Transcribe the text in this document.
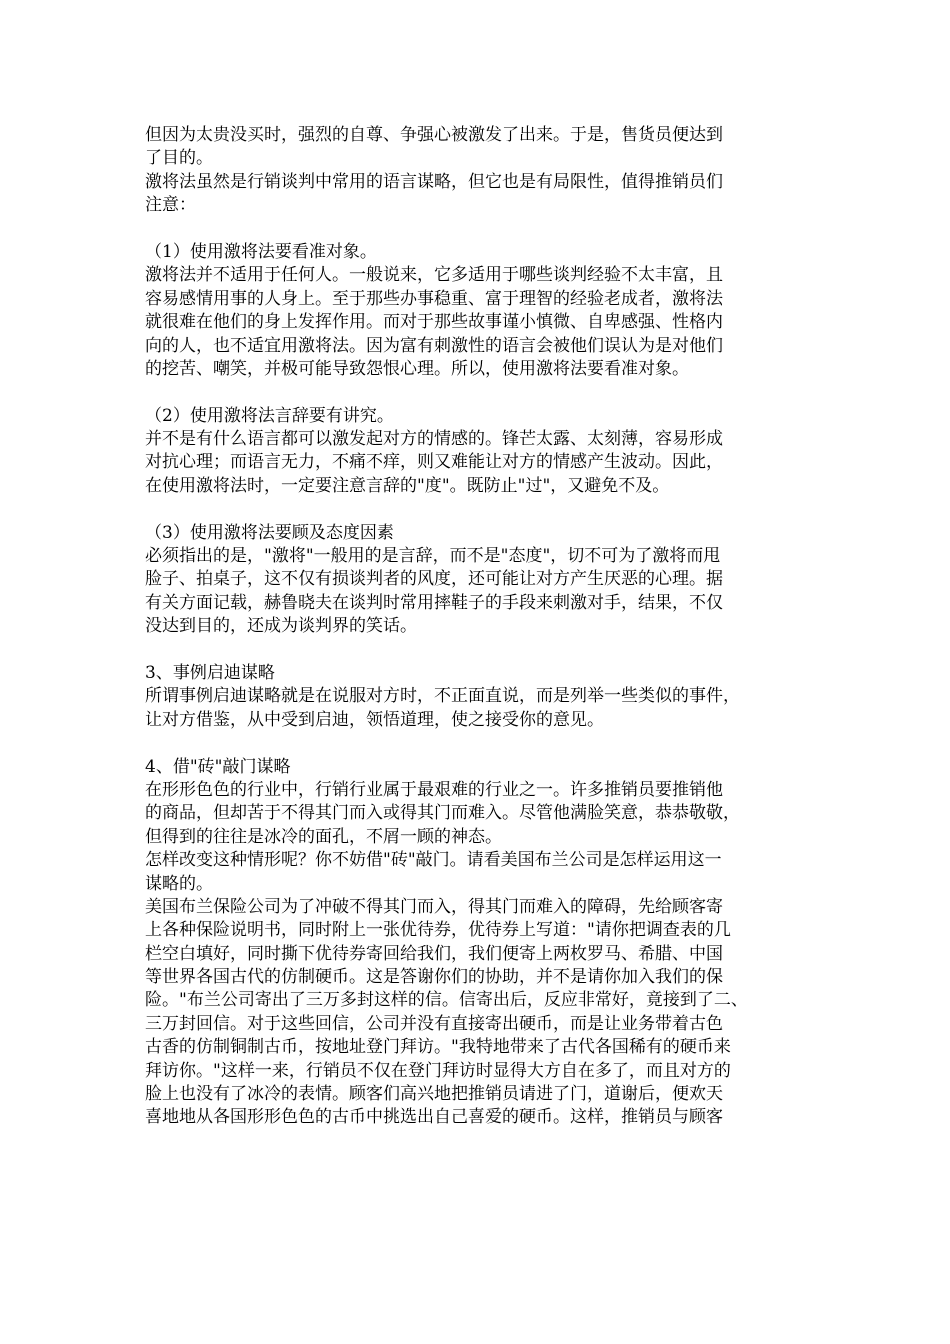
但因为太贵没买时，强烈的自尊、争强心被激发了出来。于是，售货员便达到
了目的。
激将法虽然是行销谈判中常用的语言谋略，但它也是有局限性，值得推销员们
注意：
（1）使用激将法要看准对象。
激将法并不适用于任何人。一般说来，它多适用于哪些谈判经验不太丰富，且
容易感情用事的人身上。至于那些办事稳重、富于理智的经验老成者，激将法
就很难在他们的身上发挥作用。而对于那些故事谨小慎微、自卑感强、性格内
向的人，也不适宜用激将法。因为富有刺激性的语言会被他们误认为是对他们
的挖苦、嘲笑，并极可能导致怨恨心理。所以，使用激将法要看准对象。
（2）使用激将法言辞要有讲究。
并不是有什么语言都可以激发起对方的情感的。锋芒太露、太刻薄，容易形成
对抗心理；而语言无力，不痛不痒，则又难能让对方的情感产生波动。因此，
在使用激将法时，一定要注意言辞的"度"。既防止"过"，又避免不及。
（3）使用激将法要顾及态度因素
必须指出的是，"激将"一般用的是言辞，而不是"态度"，切不可为了激将而甩
脸子、拍桌子，这不仅有损谈判者的风度，还可能让对方产生厌恶的心理。据
有关方面记载，赫鲁晓夫在谈判时常用摔鞋子的手段来刺激对手，结果，不仅
没达到目的，还成为谈判界的笑话。
3、事例启迪谋略
所谓事例启迪谋略就是在说服对方时，不正面直说，而是列举一些类似的事件，
让对方借鉴，从中受到启迪，领悟道理，使之接受你的意见。
4、借"砖"敲门谋略
在形形色色的行业中，行销行业属于最艰难的行业之一。许多推销员要推销他
的商品，但却苦于不得其门而入或得其门而难入。尽管他满脸笑意，恭恭敬敬，
但得到的往往是冰冷的面孔，不屑一顾的神态。
怎样改变这种情形呢？你不妨借"砖"敲门。请看美国布兰公司是怎样运用这一
谋略的。
美国布兰保险公司为了冲破不得其门而入，得其门而难入的障碍，先给顾客寄
上各种保险说明书，同时附上一张优待券，优待券上写道："请你把调查表的几
栏空白填好，同时撕下优待券寄回给我们，我们便寄上两枚罗马、希腊、中国
等世界各国古代的仿制硬币。这是答谢你们的协助，并不是请你加入我们的保
险。"布兰公司寄出了三万多封这样的信。信寄出后，反应非常好，竟接到了二、
三万封回信。对于这些回信，公司并没有直接寄出硬币，而是让业务带着古色
古香的仿制铜制古币，按地址登门拜访。"我特地带来了古代各国稀有的硬币来
拜访你。"这样一来，行销员不仅在登门拜访时显得大方自在多了，而且对方的
脸上也没有了冰冷的表情。顾客们高兴地把推销员请进了门，道谢后，便欢天
喜地地从各国形形色色的古币中挑选出自己喜爱的硬币。这样，推销员与顾客
